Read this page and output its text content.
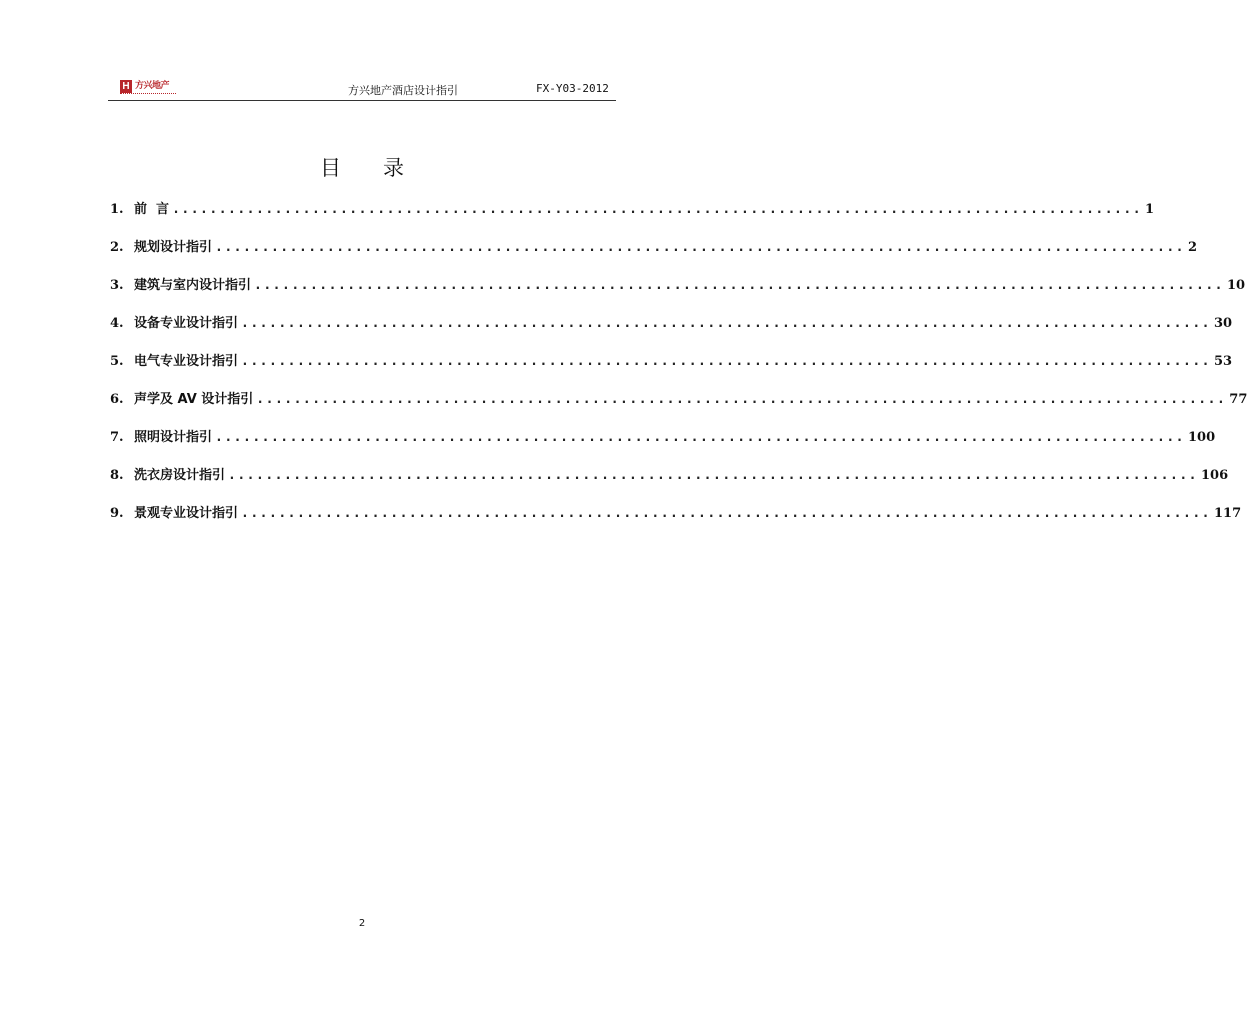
H 方兴地产	方兴地产酒店设计指引	FX-Y03-2012
目 录
1. 前  言 ........................................................................................................ 1
2. 规划设计指引 ........................................................................................................ 2
3. 建筑与室内设计指引 ........................................................................................................ 10
4. 设备专业设计指引 ........................................................................................................ 30
5. 电气专业设计指引 ........................................................................................................ 53
6. 声学及 AV 设计指引 ........................................................................................................ 77
7. 照明设计指引 ........................................................................................................ 100
8. 洗衣房设计指引 ........................................................................................................ 106
9. 景观专业设计指引 ........................................................................................................ 117
2
